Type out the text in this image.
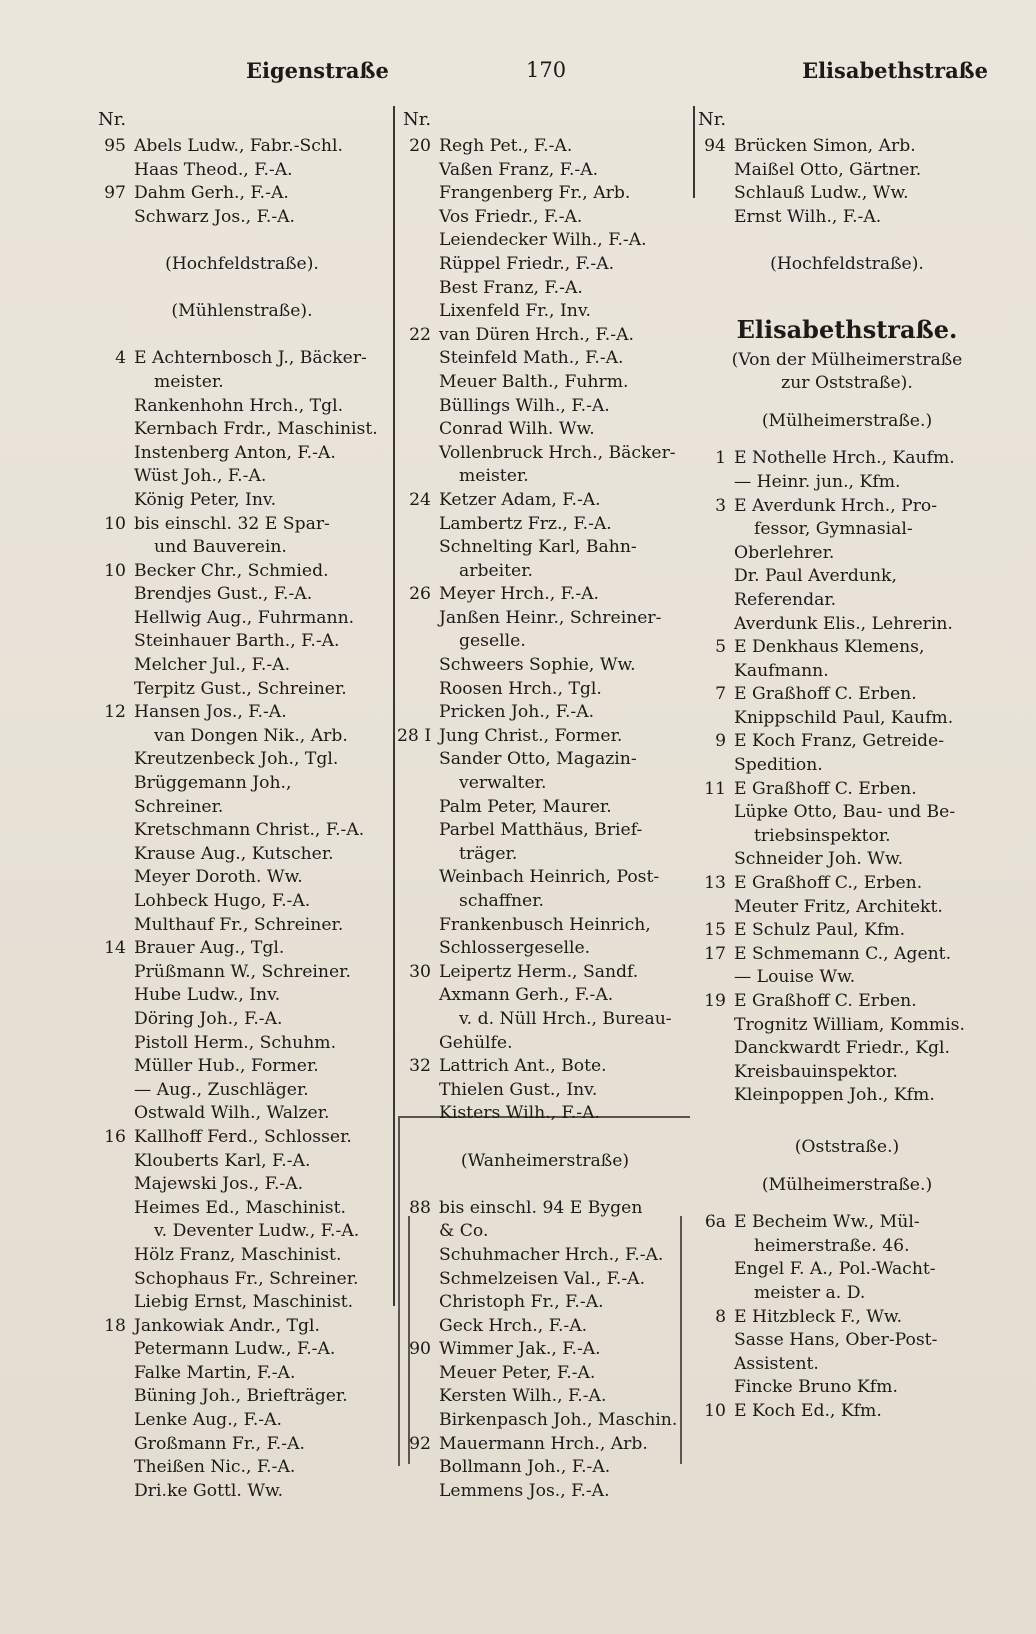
Eigenstraße	170	Elisabethstraße
Nr.
95 Abels Ludw., Fabr.-Schl.
Haas Theod., F.-A.
97 Dahm Gerh., F.-A.
Schwarz Jos., F.-A.
(Hochfeldstraße).
(Mühlenstraße).
4 E Achternbosch J., Bäcker-
meister.
Rankenhohn Hrch., Tgl.
Kernbach Frdr., Maschinist.
Instenberg Anton, F.-A.
Wüst Joh., F.-A.
König Peter, Inv.
10 bis einschl. 32 E Spar-
und Bauverein.
10 Becker Chr., Schmied.
Brendjes Gust., F.-A.
Hellwig Aug., Fuhrmann.
Steinhauer Barth., F.-A.
Melcher Jul., F.-A.
Terpitz Gust., Schreiner.
12 Hansen Jos., F.-A.
van Dongen Nik., Arb.
Kreutzenbeck Joh., Tgl.
Brüggemann Joh.,
Schreiner.
Kretschmann Christ., F.-A.
Krause Aug., Kutscher.
Meyer Doroth. Ww.
Lohbeck Hugo, F.-A.
Multhauf Fr., Schreiner.
14 Brauer Aug., Tgl.
Prüßmann W., Schreiner.
Hube Ludw., Inv.
Döring Joh., F.-A.
Pistoll Herm., Schuhm.
Müller Hub., Former.
— Aug., Zuschläger.
Ostwald Wilh., Walzer.
16 Kallhoff Ferd., Schlosser.
Klouberts Karl, F.-A.
Majewski Jos., F.-A.
Heimes Ed., Maschinist.
v. Deventer Ludw., F.-A.
Hölz Franz, Maschinist.
Schophaus Fr., Schreiner.
Liebig Ernst, Maschinist.
18 Jankowiak Andr., Tgl.
Petermann Ludw., F.-A.
Falke Martin, F.-A.
Büning Joh., Briefträger.
Lenke Aug., F.-A.
Großmann Fr., F.-A.
Theißen Nic., F.-A.
Dri.ke Gottl. Ww.
Nr.
20 Regh Pet., F.-A.
Vaßen Franz, F.-A.
Frangenberg Fr., Arb.
Vos Friedr., F.-A.
Leiendecker Wilh., F.-A.
Rüppel Friedr., F.-A.
Best Franz, F.-A.
Lixenfeld Fr., Inv.
22 van Düren Hrch., F.-A.
Steinfeld Math., F.-A.
Meuer Balth., Fuhrm.
Büllings Wilh., F.-A.
Conrad Wilh. Ww.
Vollenbruck Hrch., Bäcker-
meister.
24 Ketzer Adam, F.-A.
Lambertz Frz., F.-A.
Schnelting Karl, Bahn-
arbeiter.
26 Meyer Hrch., F.-A.
Janßen Heinr., Schreiner-
geselle.
Schweers Sophie, Ww.
Roosen Hrch., Tgl.
Pricken Joh., F.-A.
28 I Jung Christ., Former.
Sander Otto, Magazin-
verwalter.
Palm Peter, Maurer.
Parbel Matthäus, Brief-
träger.
Weinbach Heinrich, Post-
schaffner.
Frankenbusch Heinrich,
Schlossergeselle.
30 Leipertz Herm., Sandf.
Axmann Gerh., F.-A.
v. d. Nüll Hrch., Bureau-
Gehülfe.
32 Lattrich Ant., Bote.
Thielen Gust., Inv.
Kisters Wilh., F.-A.
(Wanheimerstraße)
88 bis einschl. 94 E Bygen
& Co.
Schuhmacher Hrch., F.-A.
Schmelzeisen Val., F.-A.
Christoph Fr., F.-A.
Geck Hrch., F.-A.
90 Wimmer Jak., F.-A.
Meuer Peter, F.-A.
Kersten Wilh., F.-A.
Birkenpasch Joh., Maschin.
92 Mauermann Hrch., Arb.
Bollmann Joh., F.-A.
Lemmens Jos., F.-A.
Nr.
94 Brücken Simon, Arb.
Maißel Otto, Gärtner.
Schlauß Ludw., Ww.
Ernst Wilh., F.-A.
(Hochfeldstraße).
Elisabethstraße.
(Von der Mülheimerstraße
zur Oststraße).
(Mülheimerstraße.)
1 E Nothelle Hrch., Kaufm.
— Heinr. jun., Kfm.
3 E Averdunk Hrch., Pro-
fessor, Gymnasial-
Oberlehrer.
Dr. Paul Averdunk,
Referendar.
Averdunk Elis., Lehrerin.
5 E Denkhaus Klemens,
Kaufmann.
7 E Graßhoff C. Erben.
Knippschild Paul, Kaufm.
9 E Koch Franz, Getreide-
Spedition.
11 E Graßhoff C. Erben.
Lüpke Otto, Bau- und Be-
triebsinspektor.
Schneider Joh. Ww.
13 E Graßhoff C., Erben.
Meuter Fritz, Architekt.
15 E Schulz Paul, Kfm.
17 E Schmemann C., Agent.
— Louise Ww.
19 E Graßhoff C. Erben.
Trognitz William, Kommis.
Danckwardt Friedr., Kgl.
Kreisbauinspektor.
Kleinpoppen Joh., Kfm.
(Oststraße.)
(Mülheimerstraße.)
6a E Becheim Ww., Mül-
heimerstraße. 46.
Engel F. A., Pol.-Wacht-
meister a. D.
8 E Hitzbleck F., Ww.
Sasse Hans, Ober-Post-
Assistent.
Fincke Bruno Kfm.
10 E Koch Ed., Kfm.
